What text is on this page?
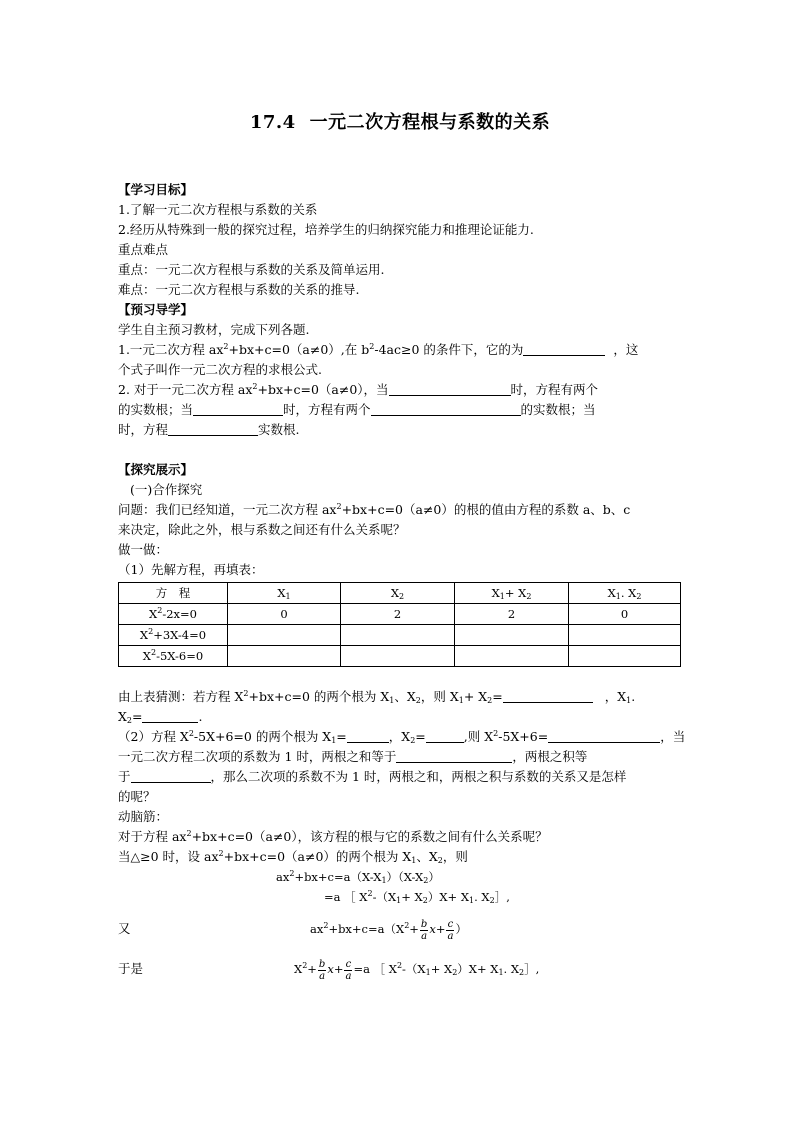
17.4 一元二次方程根与系数的关系
【学习目标】
1.了解一元二次方程根与系数的关系
2.经历从特殊到一般的探究过程，培养学生的归纳探究能力和推理论证能力.
重点难点
重点：一元二次方程根与系数的关系及简单运用.
难点：一元二次方程根与系数的关系的推导.
【预习导学】
学生自主预习教材，完成下列各题.
1.一元二次方程 $ax^2+bx+c=0(a\ne 0)$,在 $b^2-4ac\ge 0$ 的条件下，它的为	，这
个式子叫作一元二次方程的求根公式.
2. 对于一元二次方程 $ax^2+bx+c=0(a\ne 0)$，当	时，方程有两个
的实数根；当	时，方程有两个	的实数根；当
时，方程	实数根.
【探究展示】
(一)合作探究
问题：我们已经知道，一元二次方程 $ax^2+bx+c=0(a\ne 0)$的根的值由方程的系数 a、b、c
来决定，除此之外，根与系数之间还有什么关系呢？
做一做：
（1）先解方程，再填表：
方　程	$X_1$	$X_2$	$X_1+ X_2$	$X_1$. $X_2$
$X^2-2x=0$	0	2	2	0
$X^2+3X-4=0$				
$X^2-5X-6=0$				
由上表猜测：若方程 $X^2+bx+c=0$ 的两个根为 $X_1$、$X_2$，则 $X_1+ X_2=$	，$X_1$.
$X_2=$	.
（2）方程 $X^2-5X+6=0$ 的两个根为 $X_1=$	，$X_2=$	,则 $X^2-5X+6=$	，当
一元二次方程二次项的系数为 1 时，两根之和等于	，两根之积等
于	，那么二次项的系数不为 1 时，两根之和，两根之积与系数的关系又是怎样
的呢？
动脑筋：
对于方程 $ax^2+bx+c=0(a\ne 0)$，该方程的根与它的系数之间有什么关系呢？
当△≥0 时，设 $ax^2+bx+c=0(a\ne 0)$的两个根为 $X_1$、$X_2$，则
$ax^2+bx+c=a(X-X_1)(X-X_2)$
=a ［ $X^2-(X_1+ X_2)X+ X_1$. $X_2]$,
又	$ax^2+bx+c=a(X^2+ \frac{b}{a} x+ \frac{c}{a}$ ）
于是	$X^2+ \frac{b}{a} x+ \frac{c}{a} =a$ ［ $X^2-(X_1+ X_2)X+ X_1$. $X_2]$,
